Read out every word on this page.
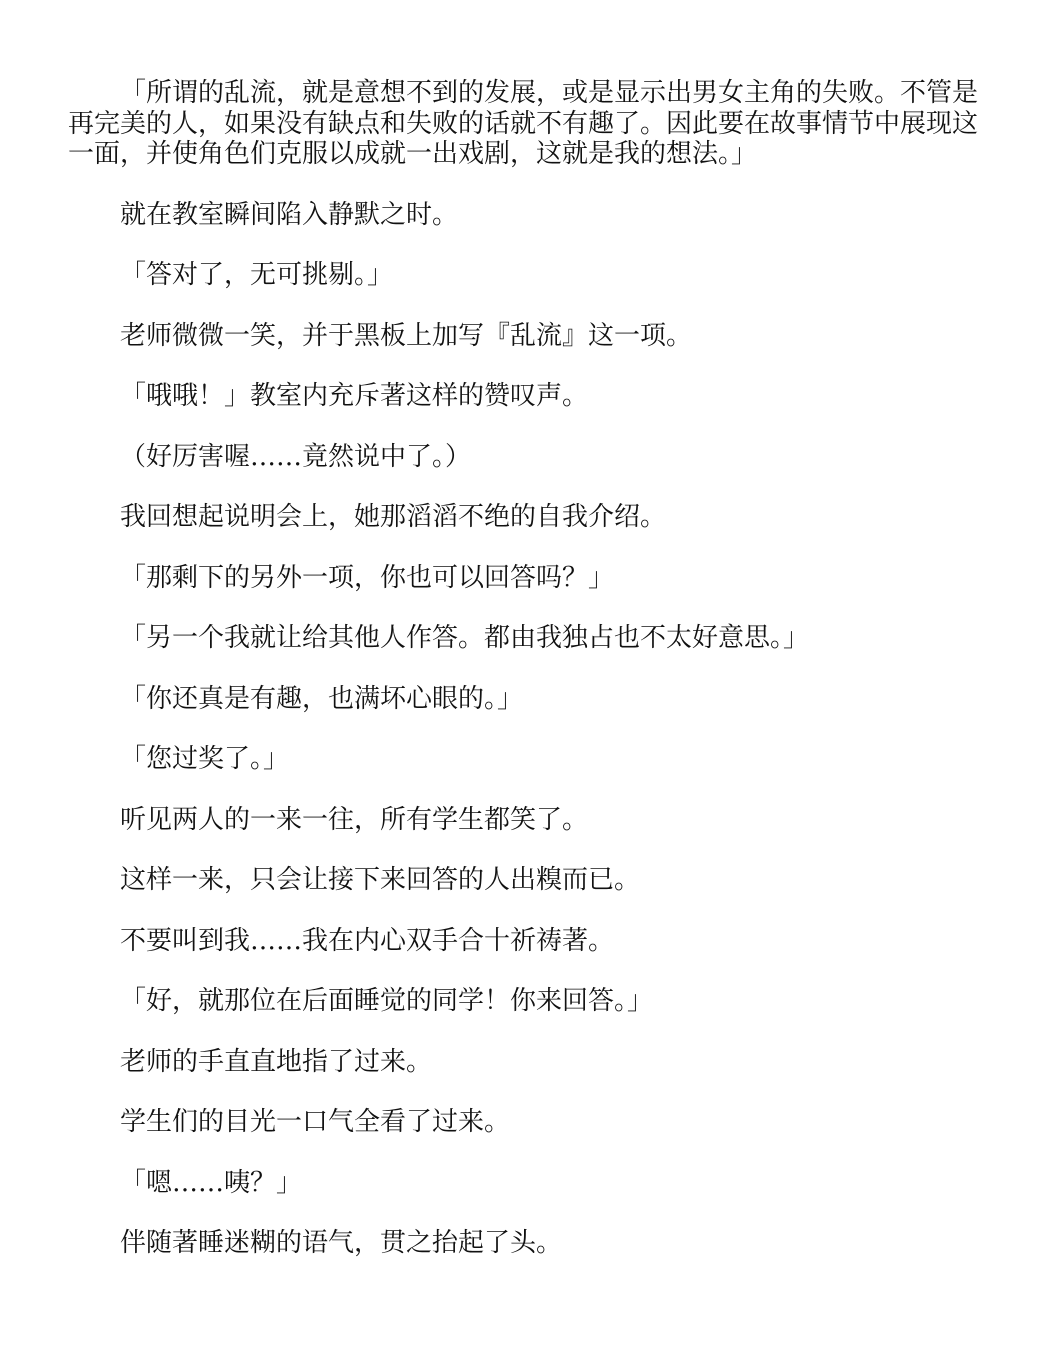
「所谓的乱流，就是意想不到的发展，或是显示出男女主角的失败。不管是再完美的人，如果没有缺点和失败的话就不有趣了。因此要在故事情节中展现这一面，并使角色们克服以成就一出戏剧，这就是我的想法。」

就在教室瞬间陷入静默之时。

「答对了，无可挑剔。」

老师微微一笑，并于黑板上加写『乱流』这一项。

「哦哦！」教室内充斥著这样的赞叹声。

（好厉害喔……竟然说中了。）

我回想起说明会上，她那滔滔不绝的自我介绍。

「那剩下的另外一项，你也可以回答吗？」

「另一个我就让给其他人作答。都由我独占也不太好意思。」

「你还真是有趣，也满坏心眼的。」

「您过奖了。」

听见两人的一来一往，所有学生都笑了。

这样一来，只会让接下来回答的人出糗而已。

不要叫到我……我在内心双手合十祈祷著。

「好，就那位在后面睡觉的同学！你来回答。」

老师的手直直地指了过来。

学生们的目光一口气全看了过来。

「嗯……咦？」

伴随著睡迷糊的语气，贯之抬起了头。
